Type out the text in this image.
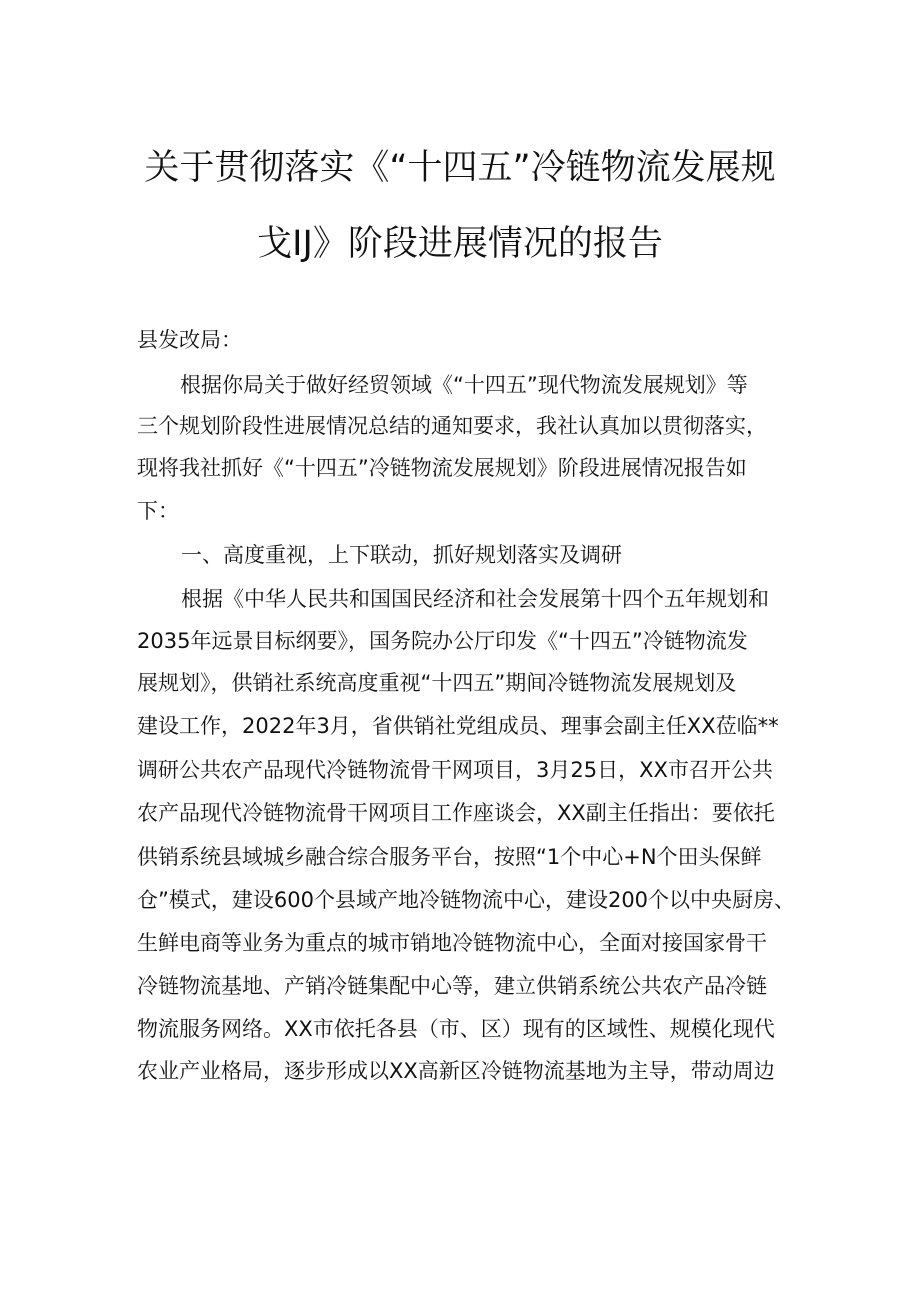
关于贯彻落实《“十四五”冷链物流发展规
戈IJ》阶段进展情况的报告
县发改局：
根据你局关于做好经贸领域《“十四五”现代物流发展规划》等
三个规划阶段性进展情况总结的通知要求，我社认真加以贯彻落实，
现将我社抓好《“十四五”冷链物流发展规划》阶段进展情况报告如
下：
一、高度重视，上下联动，抓好规划落实及调研
根据《中华人民共和国国民经济和社会发展第十四个五年规划和
2035年远景目标纲要》，国务院办公厅印发《“十四五”冷链物流发
展规划》，供销社系统高度重视“十四五”期间冷链物流发展规划及
建设工作，2022年3月，省供销社党组成员、理事会副主任XX莅临**
调研公共农产品现代冷链物流骨干网项目，3月25日，XX市召开公共
农产品现代冷链物流骨干网项目工作座谈会，XX副主任指出：要依托
供销系统县域城乡融合综合服务平台，按照“1个中心+N个田头保鲜
仓”模式，建设600个县域产地冷链物流中心，建设200个以中央厨房、
生鲜电商等业务为重点的城市销地冷链物流中心，全面对接国家骨干
冷链物流基地、产销冷链集配中心等，建立供销系统公共农产品冷链
物流服务网络。XX市依托各县（市、区）现有的区域性、规模化现代
农业产业格局，逐步形成以XX高新区冷链物流基地为主导，带动周边
